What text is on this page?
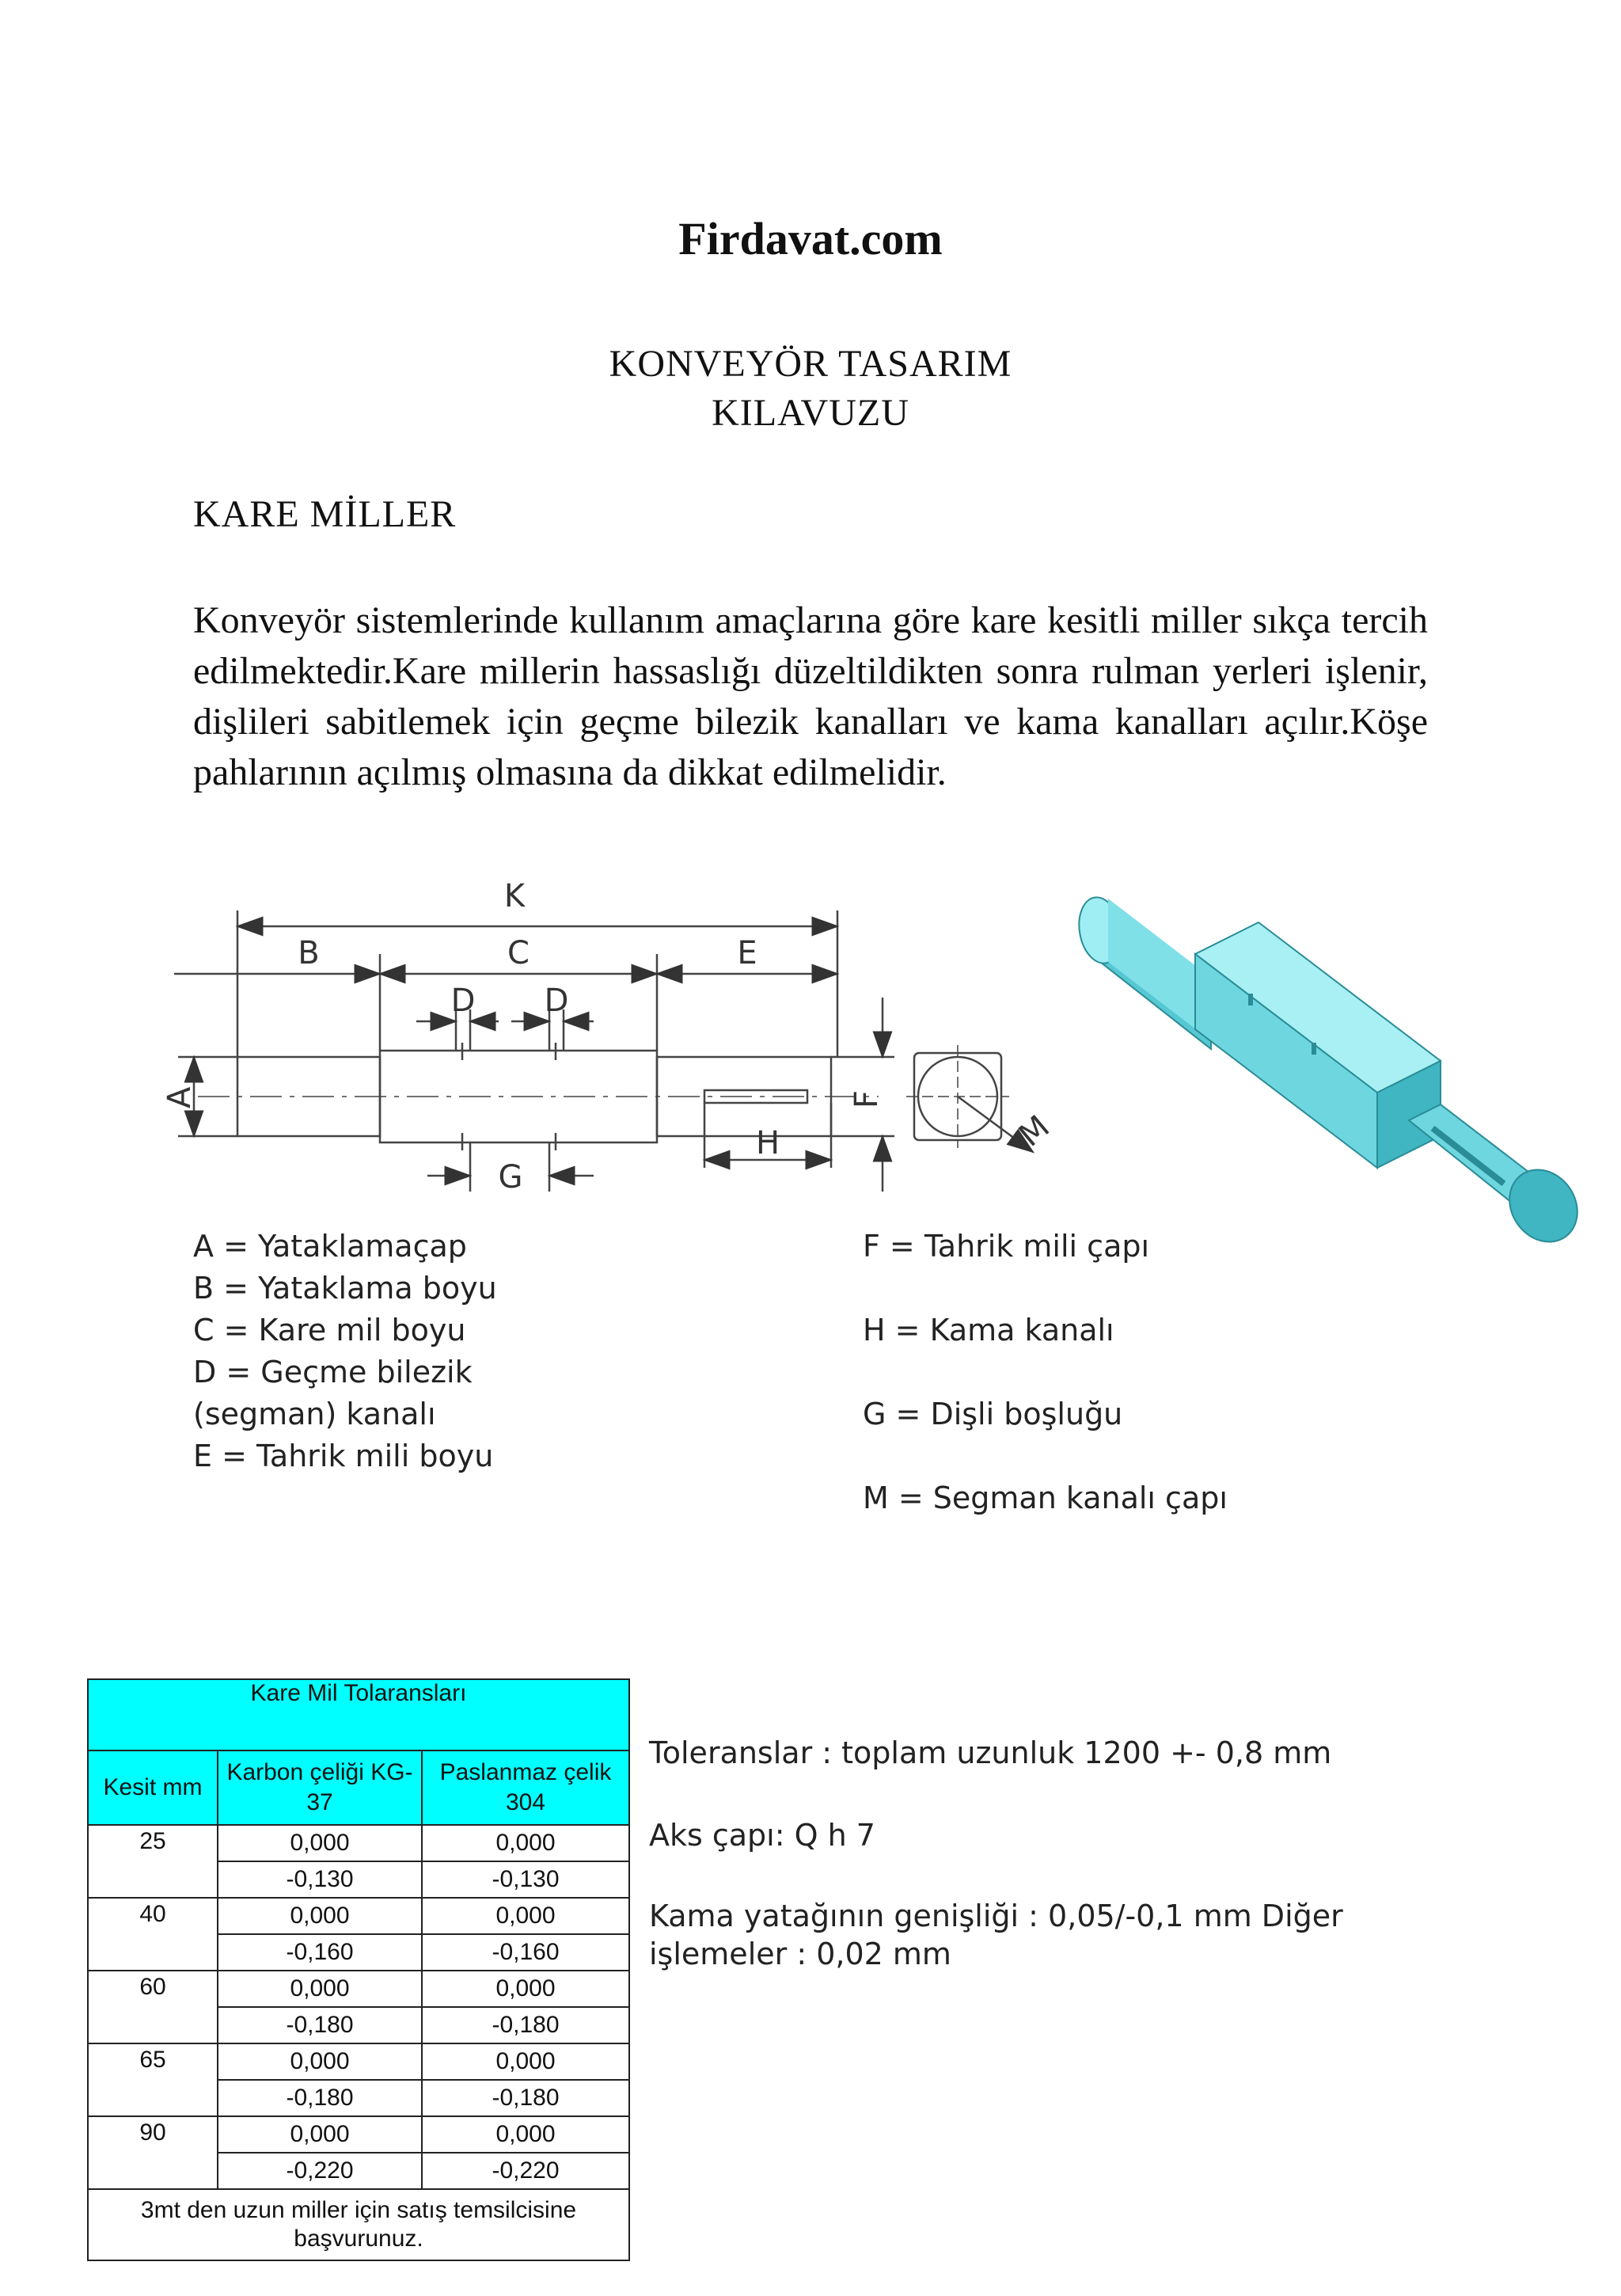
Firdavat.com
KONVEYÖR TASARIM
KILAVUZU
KARE MİLLER
Konveyör sistemlerinde kullanım amaçlarına göre kare kesitli miller sıkça tercih edilmektedir.Kare millerin hassaslığı düzeltildikten sonra rulman yerleri işlenir, dişlileri sabitlemek için geçme bilezik kanalları ve kama kanalları açılır.Köşe pahlarının açılmış olmasına da dikkat edilmelidir.
K
B	C	E
D D
G
H
A	F
M
A = Yataklamaçap
B = Yataklama boyu
C = Kare mil boyu
D = Geçme bilezik (segman) kanalı
E = Tahrik mili boyu
F = Tahrik mili çapı
H = Kama kanalı
G = Dişli boşluğu
M = Segman kanalı çapı
Kare Mil Tolaransları		
Kesit mm	Karbon çeliği KG-37	Paslanmaz çelik 304
25	0,000	0,000
	-0,130	-0,130
40	0,000	0,000
	-0,160	-0,160
60	0,000	0,000
	-0,180	-0,180
65	0,000	0,000
	-0,180	-0,180
90	0,000	0,000
	-0,220	-0,220
3mt den uzun miller için satış temsilcisine başvurunuz.		
Toleranslar : toplam uzunluk 1200 +- 0,8 mm
Aks çapı: Q h 7
Kama yatağının genişliği : 0,05/-0,1 mm Diğer işlemeler : 0,02 mm
